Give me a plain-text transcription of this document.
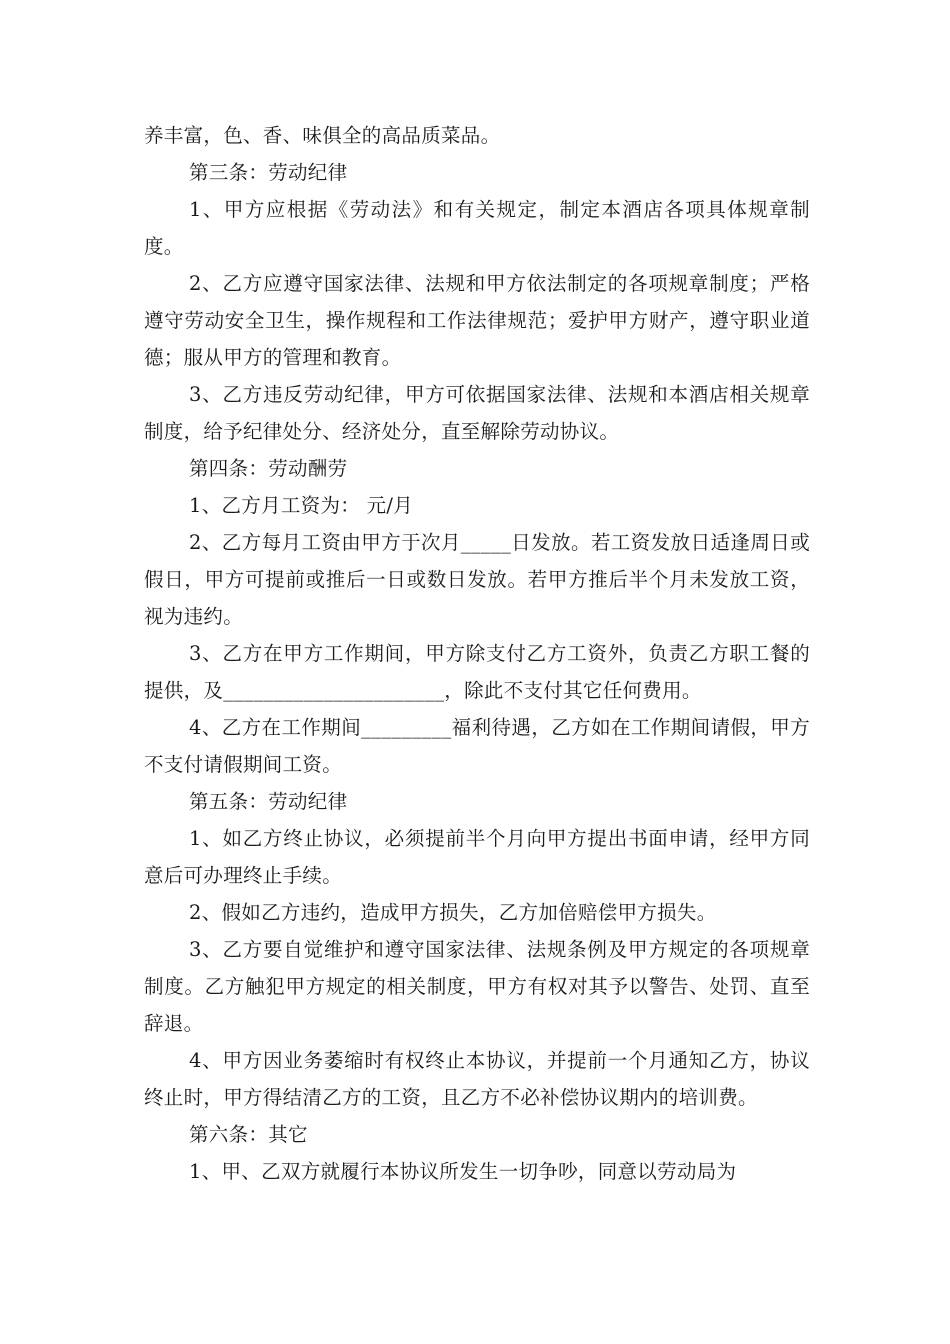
养丰富，色、香、味俱全的高品质菜品。

第三条：劳动纪律

1、甲方应根据《劳动法》和有关规定，制定本酒店各项具体规章制度。

2、乙方应遵守国家法律、法规和甲方依法制定的各项规章制度；严格遵守劳动安全卫生，操作规程和工作法律规范；爱护甲方财产，遵守职业道德；服从甲方的管理和教育。

3、乙方违反劳动纪律，甲方可依据国家法律、法规和本酒店相关规章制度，给予纪律处分、经济处分，直至解除劳动协议。

第四条：劳动酬劳

1、乙方月工资为： 元/月

2、乙方每月工资由甲方于次月_____日发放。若工资发放日适逢周日或假日，甲方可提前或推后一日或数日发放。若甲方推后半个月未发放工资，视为违约。

3、乙方在甲方工作期间，甲方除支付乙方工资外，负责乙方职工餐的提供，及______________________，除此不支付其它任何费用。

4、乙方在工作期间_________福利待遇，乙方如在工作期间请假，甲方不支付请假期间工资。

第五条：劳动纪律

1、如乙方终止协议，必须提前半个月向甲方提出书面申请，经甲方同意后可办理终止手续。

2、假如乙方违约，造成甲方损失，乙方加倍赔偿甲方损失。

3、乙方要自觉维护和遵守国家法律、法规条例及甲方规定的各项规章制度。乙方触犯甲方规定的相关制度，甲方有权对其予以警告、处罚、直至辞退。

4、甲方因业务萎缩时有权终止本协议，并提前一个月通知乙方，协议终止时，甲方得结清乙方的工资，且乙方不必补偿协议期内的培训费。

第六条：其它

1、甲、乙双方就履行本协议所发生一切争吵，同意以劳动局为
